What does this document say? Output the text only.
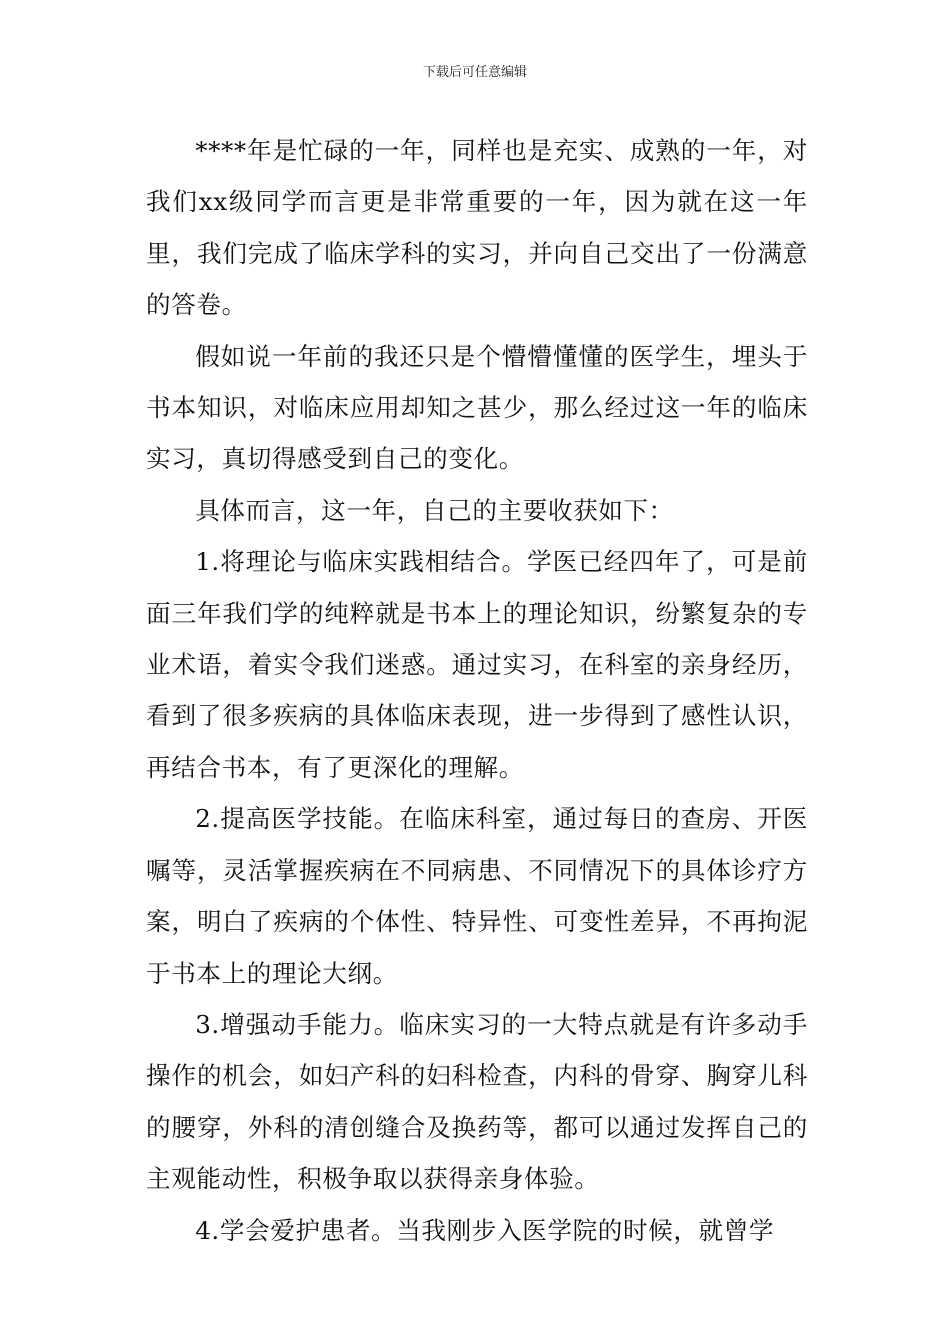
下载后可任意编辑

****年是忙碌的一年，同样也是充实、成熟的一年，对我们xx级同学而言更是非常重要的一年，因为就在这一年里，我们完成了临床学科的实习，并向自己交出了一份满意的答卷。

假如说一年前的我还只是个懵懵懂懂的医学生，埋头于书本知识，对临床应用却知之甚少，那么经过这一年的临床实习，真切得感受到自己的变化。

具体而言，这一年，自己的主要收获如下：

1.将理论与临床实践相结合。学医已经四年了，可是前面三年我们学的纯粹就是书本上的理论知识，纷繁复杂的专业术语，着实令我们迷惑。通过实习，在科室的亲身经历，看到了很多疾病的具体临床表现，进一步得到了感性认识，再结合书本，有了更深化的理解。

2.提高医学技能。在临床科室，通过每日的查房、开医嘱等，灵活掌握疾病在不同病患、不同情况下的具体诊疗方案，明白了疾病的个体性、特异性、可变性差异，不再拘泥于书本上的理论大纲。

3.增强动手能力。临床实习的一大特点就是有许多动手操作的机会，如妇产科的妇科检查，内科的骨穿、胸穿儿科的腰穿，外科的清创缝合及换药等，都可以通过发挥自己的主观能动性，积极争取以获得亲身体验。

4.学会爱护患者。当我刚步入医学院的时候，就曾学
